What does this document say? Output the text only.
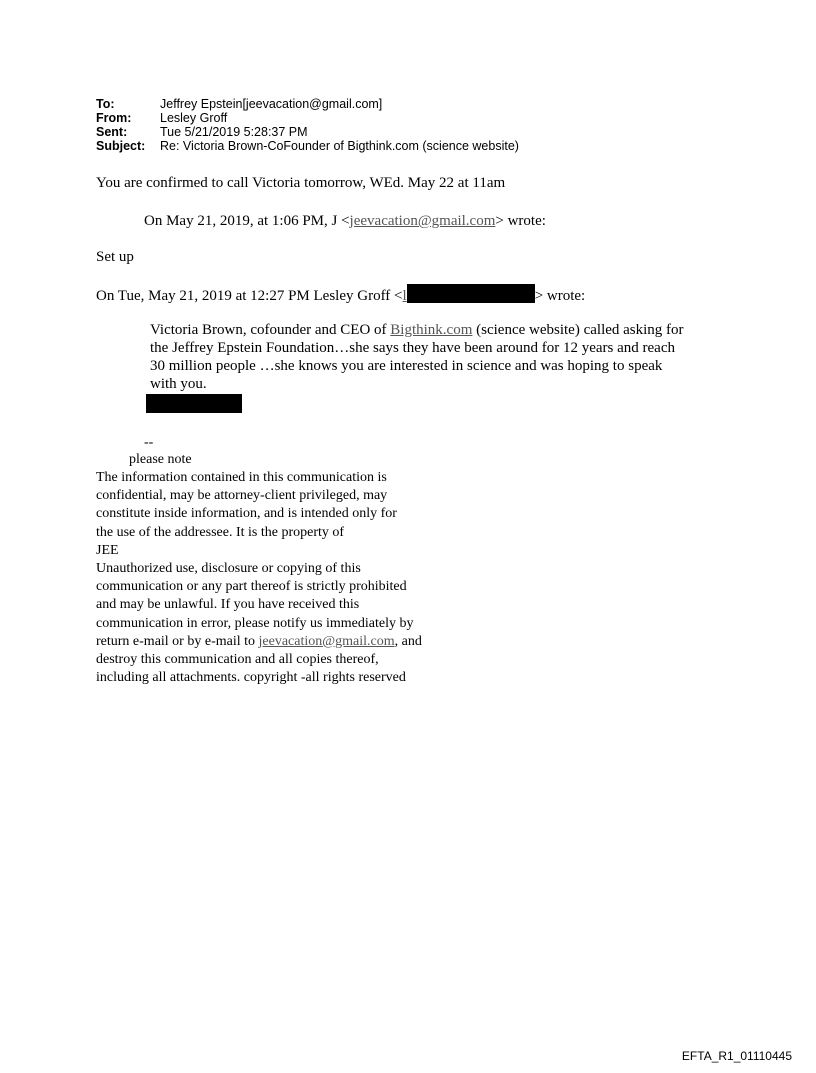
To:	Jeffrey Epstein[jeevacation@gmail.com]
From:	Lesley Groff
Sent:	Tue 5/21/2019 5:28:37 PM
Subject:	Re: Victoria Brown-CoFounder of Bigthink.com (science website)
You are confirmed to call Victoria tomorrow, WEd. May 22 at 11am
On May 21, 2019, at 1:06 PM, J <jeevacation@gmail.com> wrote:
Set up
On Tue, May 21, 2019 at 12:27 PM Lesley Groff <l	> wrote:
Victoria Brown, cofounder and CEO of Bigthink.com (science website) called asking for the Jeffrey Epstein Foundation…she says they have been around for 12 years and reach 30 million people …she knows you are interested in science and was hoping to speak with you.
--
please note
The information contained in this communication is
confidential, may be attorney-client privileged, may
constitute inside information, and is intended only for
the use of the addressee. It is the property of
JEE
Unauthorized use, disclosure or copying of this
communication or any part thereof is strictly prohibited
and may be unlawful. If you have received this
communication in error, please notify us immediately by
return e-mail or by e-mail to jeevacation@gmail.com, and
destroy this communication and all copies thereof,
including all attachments. copyright -all rights reserved
EFTA_R1_01110445
